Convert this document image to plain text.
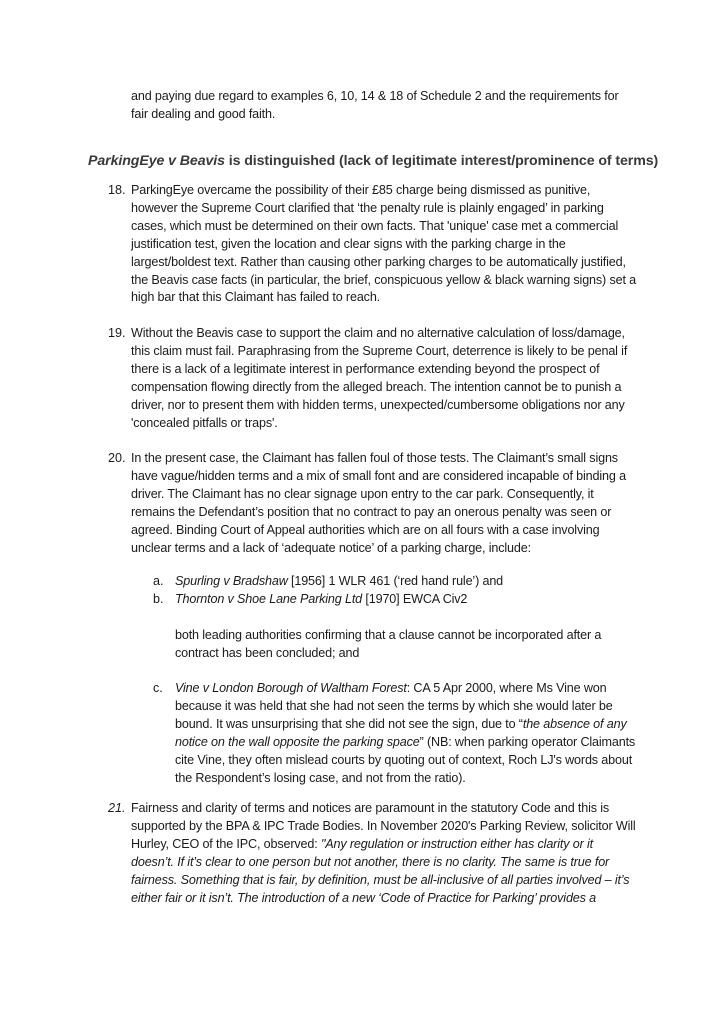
and paying due regard to examples 6, 10, 14 & 18 of Schedule 2 and the requirements for fair dealing and good faith.
ParkingEye v Beavis is distinguished (lack of legitimate interest/prominence of terms)
18. ParkingEye overcame the possibility of their £85 charge being dismissed as punitive, however the Supreme Court clarified that ‘the penalty rule is plainly engaged’ in parking cases, which must be determined on their own facts. That 'unique' case met a commercial justification test, given the location and clear signs with the parking charge in the largest/boldest text. Rather than causing other parking charges to be automatically justified, the Beavis case facts (in particular, the brief, conspicuous yellow & black warning signs) set a high bar that this Claimant has failed to reach.
19. Without the Beavis case to support the claim and no alternative calculation of loss/damage, this claim must fail. Paraphrasing from the Supreme Court, deterrence is likely to be penal if there is a lack of a legitimate interest in performance extending beyond the prospect of compensation flowing directly from the alleged breach. The intention cannot be to punish a driver, nor to present them with hidden terms, unexpected/cumbersome obligations nor any 'concealed pitfalls or traps'.
20. In the present case, the Claimant has fallen foul of those tests. The Claimant’s small signs have vague/hidden terms and a mix of small font and are considered incapable of binding a driver. The Claimant has no clear signage upon entry to the car park. Consequently, it remains the Defendant’s position that no contract to pay an onerous penalty was seen or agreed. Binding Court of Appeal authorities which are on all fours with a case involving unclear terms and a lack of ‘adequate notice’ of a parking charge, include:
a. Spurling v Bradshaw [1956] 1 WLR 461 (‘red hand rule’) and
b. Thornton v Shoe Lane Parking Ltd [1970] EWCA Civ2
both leading authorities confirming that a clause cannot be incorporated after a contract has been concluded; and
c. Vine v London Borough of Waltham Forest: CA 5 Apr 2000, where Ms Vine won because it was held that she had not seen the terms by which she would later be bound. It was unsurprising that she did not see the sign, due to “the absence of any notice on the wall opposite the parking space” (NB: when parking operator Claimants cite Vine, they often mislead courts by quoting out of context, Roch LJ's words about the Respondent’s losing case, and not from the ratio).
21. Fairness and clarity of terms and notices are paramount in the statutory Code and this is supported by the BPA & IPC Trade Bodies. In November 2020's Parking Review, solicitor Will Hurley, CEO of the IPC, observed: "Any regulation or instruction either has clarity or it doesn’t. If it’s clear to one person but not another, there is no clarity. The same is true for fairness. Something that is fair, by definition, must be all-inclusive of all parties involved – it’s either fair or it isn’t. The introduction of a new ‘Code of Practice for Parking’ provides a
